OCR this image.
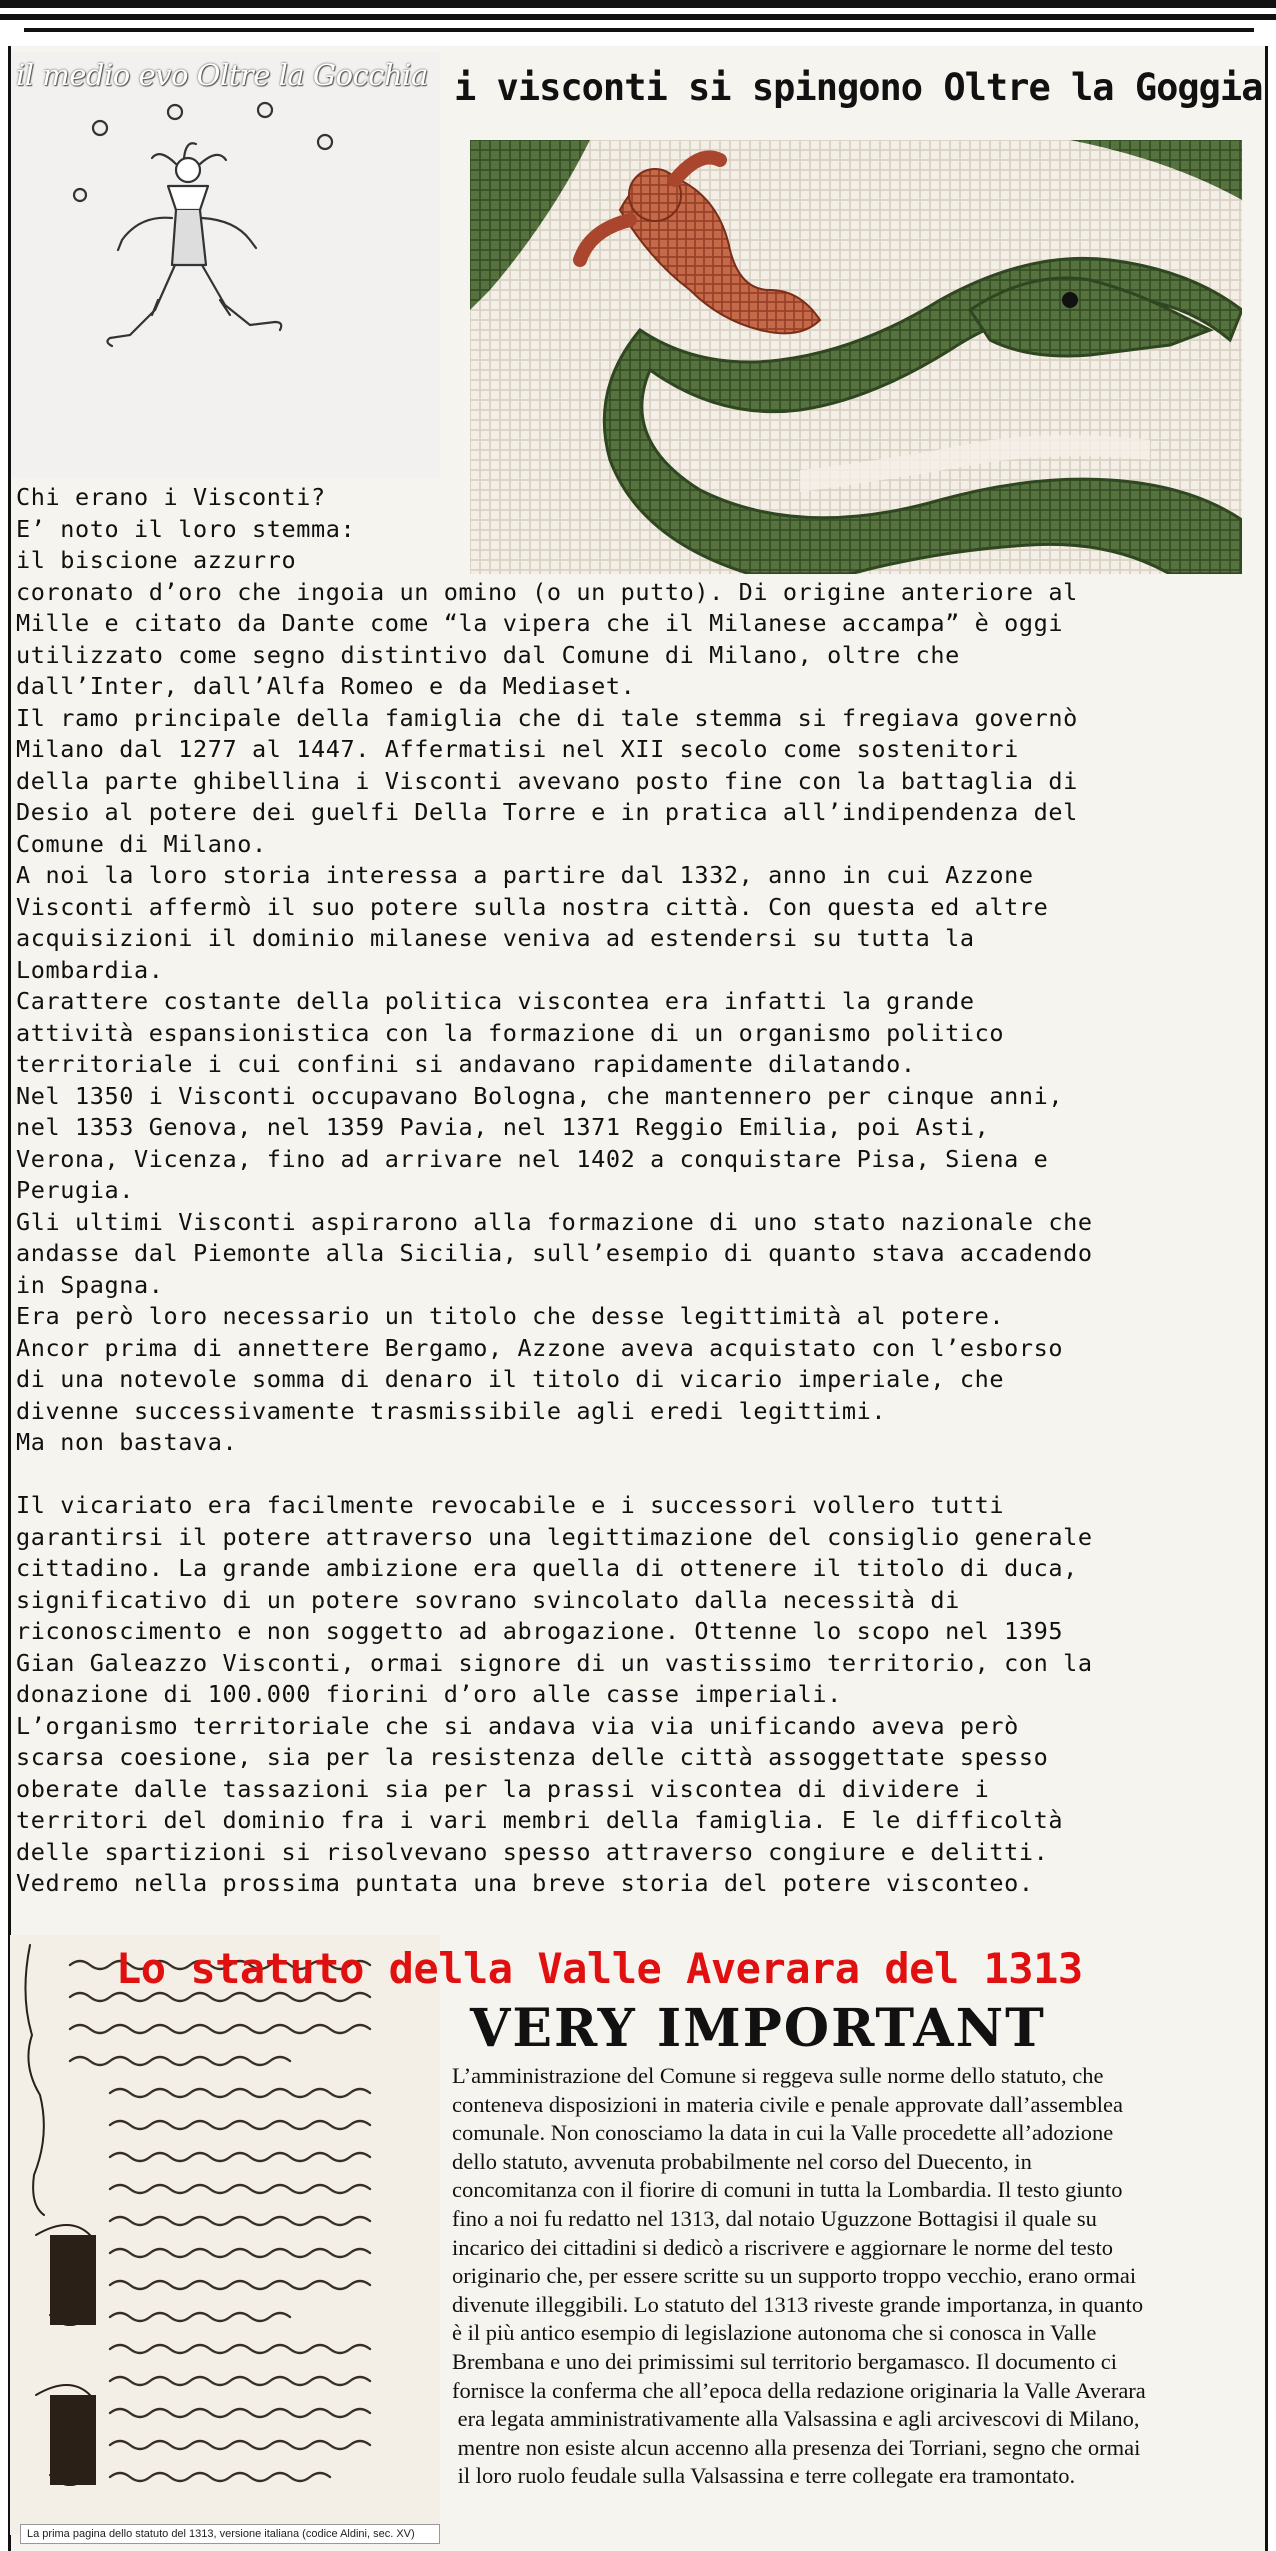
il medio evo Oltre la Gocchia i visconti si spingono Oltre la Goggia
Chi erano i Visconti?
E’ noto il loro stemma:
il biscione azzurro
coronato d’oro che ingoia un omino (o un putto). Di origine anteriore al
Mille e citato da Dante come “la vipera che il Milanese accampa” è oggi
utilizzato come segno distintivo dal Comune di Milano, oltre che
dall’Inter, dall’Alfa Romeo e da Mediaset.
Il ramo principale della famiglia che di tale stemma si fregiava governò
Milano dal 1277 al 1447. Affermatisi nel XII secolo come sostenitori
della parte ghibellina i Visconti avevano posto fine con la battaglia di
Desio al potere dei guelfi Della Torre e in pratica all’indipendenza del
Comune di Milano.
A noi la loro storia interessa a partire dal 1332, anno in cui Azzone
Visconti affermò il suo potere sulla nostra città. Con questa ed altre
acquisizioni il dominio milanese veniva ad estendersi su tutta la
Lombardia.
Carattere costante della politica viscontea era infatti la grande
attività espansionistica con la formazione di un organismo politico
territoriale i cui confini si andavano rapidamente dilatando.
Nel 1350 i Visconti occupavano Bologna, che mantennero per cinque anni,
nel 1353 Genova, nel 1359 Pavia, nel 1371 Reggio Emilia, poi Asti,
Verona, Vicenza, fino ad arrivare nel 1402 a conquistare Pisa, Siena e
Perugia.
Gli ultimi Visconti aspirarono alla formazione di uno stato nazionale che
andasse dal Piemonte alla Sicilia, sull’esempio di quanto stava accadendo
in Spagna.
Era però loro necessario un titolo che desse legittimità al potere.
Ancor prima di annettere Bergamo, Azzone aveva acquistato con l’esborso
di una notevole somma di denaro il titolo di vicario imperiale, che
divenne successivamente trasmissibile agli eredi legittimi.
Ma non bastava.
Il vicariato era facilmente revocabile e i successori vollero tutti
garantirsi il potere attraverso una legittimazione del consiglio generale
cittadino. La grande ambizione era quella di ottenere il titolo di duca,
significativo di un potere sovrano svincolato dalla necessità di
riconoscimento e non soggetto ad abrogazione. Ottenne lo scopo nel 1395
Gian Galeazzo Visconti, ormai signore di un vastissimo territorio, con la
donazione di 100.000 fiorini d’oro alle casse imperiali.
L’organismo territoriale che si andava via via unificando aveva però
scarsa coesione, sia per la resistenza delle città assoggettate spesso
oberate dalle tassazioni sia per la prassi viscontea di dividere i
territori del dominio fra i vari membri della famiglia. E le difficoltà
delle spartizioni si risolvevano spesso attraverso congiure e delitti.
Vedremo nella prossima puntata una breve storia del potere visconteo.
La prima pagina dello statuto del 1313, versione italiana (codice Aldini, sec. XV)
Lo statuto della Valle Averara del 1313
VERY IMPORTANT
L’amministrazione del Comune si reggeva sulle norme dello statuto, che
conteneva disposizioni in materia civile e penale approvate dall’assemblea
comunale. Non conosciamo la data in cui la Valle procedette all’adozione
dello statuto, avvenuta probabilmente nel corso del Duecento, in
concomitanza con il fiorire di comuni in tutta la Lombardia. Il testo giunto
fino a noi fu redatto nel 1313, dal notaio Uguzzone Bottagisi il quale su
incarico dei cittadini si dedicò a riscrivere e aggiornare le norme del testo
originario che, per essere scritte su un supporto troppo vecchio, erano ormai
divenute illeggibili. Lo statuto del 1313 riveste grande importanza, in quanto
è il più antico esempio di legislazione autonoma che si conosca in Valle
Brembana e uno dei primissimi sul territorio bergamasco. Il documento ci
fornisce la conferma che all’epoca della redazione originaria la Valle Averara
era legata amministrativamente alla Valsassina e agli arcivescovi di Milano,
mentre non esiste alcun accenno alla presenza dei Torriani, segno che ormai
il loro ruolo feudale sulla Valsassina e terre collegate era tramontato.
